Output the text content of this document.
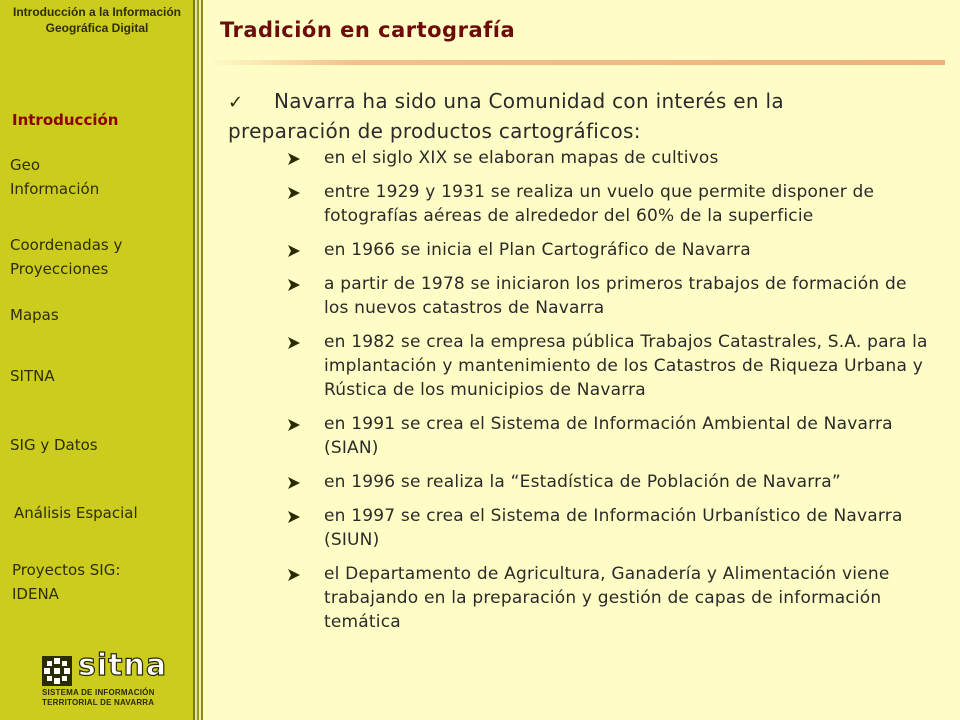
Introducción a la Información Geográfica Digital
Introducción
Geo
Información
Coordenadas y
Proyecciones
Mapas
SITNA
SIG y Datos
Análisis Espacial
Proyectos SIG:
IDENA
sitna
SISTEMA DE INFORMACIÓN
TERRITORIAL DE NAVARRA
Tradición en cartografía
✓ Navarra ha sido una Comunidad con interés en la preparación de productos cartográficos:
en el siglo XIX se elaboran mapas de cultivos
entre 1929 y 1931 se realiza un vuelo que permite disponer de fotografías aéreas de alrededor del 60% de la superficie
en 1966 se inicia el Plan Cartográfico de Navarra
a partir de 1978 se iniciaron los primeros trabajos de formación de los nuevos catastros de Navarra
en 1982 se crea la empresa pública Trabajos Catastrales, S.A. para la implantación y mantenimiento de los Catastros de Riqueza Urbana y Rústica de los municipios de Navarra
en 1991 se crea el Sistema de Información Ambiental de Navarra (SIAN)
en 1996 se realiza la “Estadística de Población de Navarra”
en 1997 se crea el Sistema de Información Urbanístico de Navarra (SIUN)
el Departamento de Agricultura, Ganadería y Alimentación viene trabajando en la preparación y gestión de capas de información temática
